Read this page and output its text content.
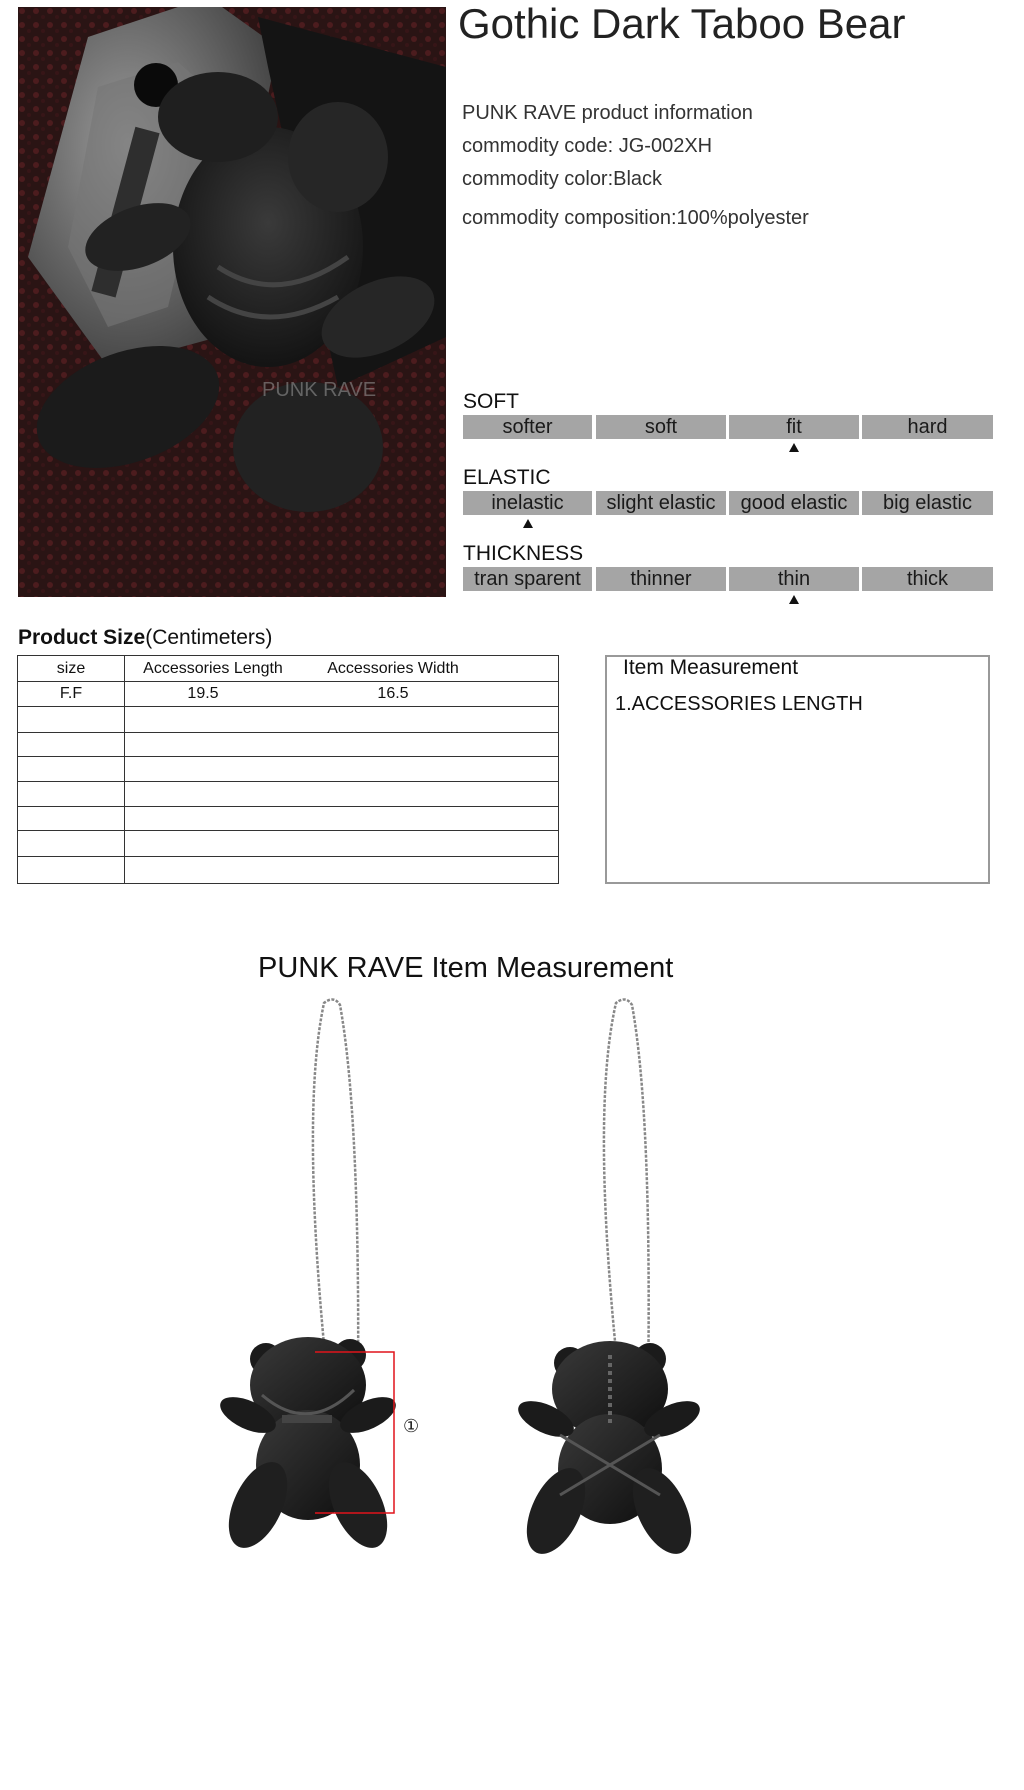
PUNK RAVE
Gothic Dark Taboo Bear
PUNK RAVE product information
commodity code: JG-002XH
commodity color:Black
commodity composition:100%polyester
SOFT
softer	soft	fit	hard
ELASTIC
inelastic	slight elastic	good elastic	big elastic
THICKNESS
tran sparent	thinner	thin	thick
Product Size(Centimeters)
size	Accessories Length	Accessories Width
F.F	19.5	16.5
Item Measurement
1.ACCESSORIES LENGTH
PUNK RAVE Item Measurement
①
